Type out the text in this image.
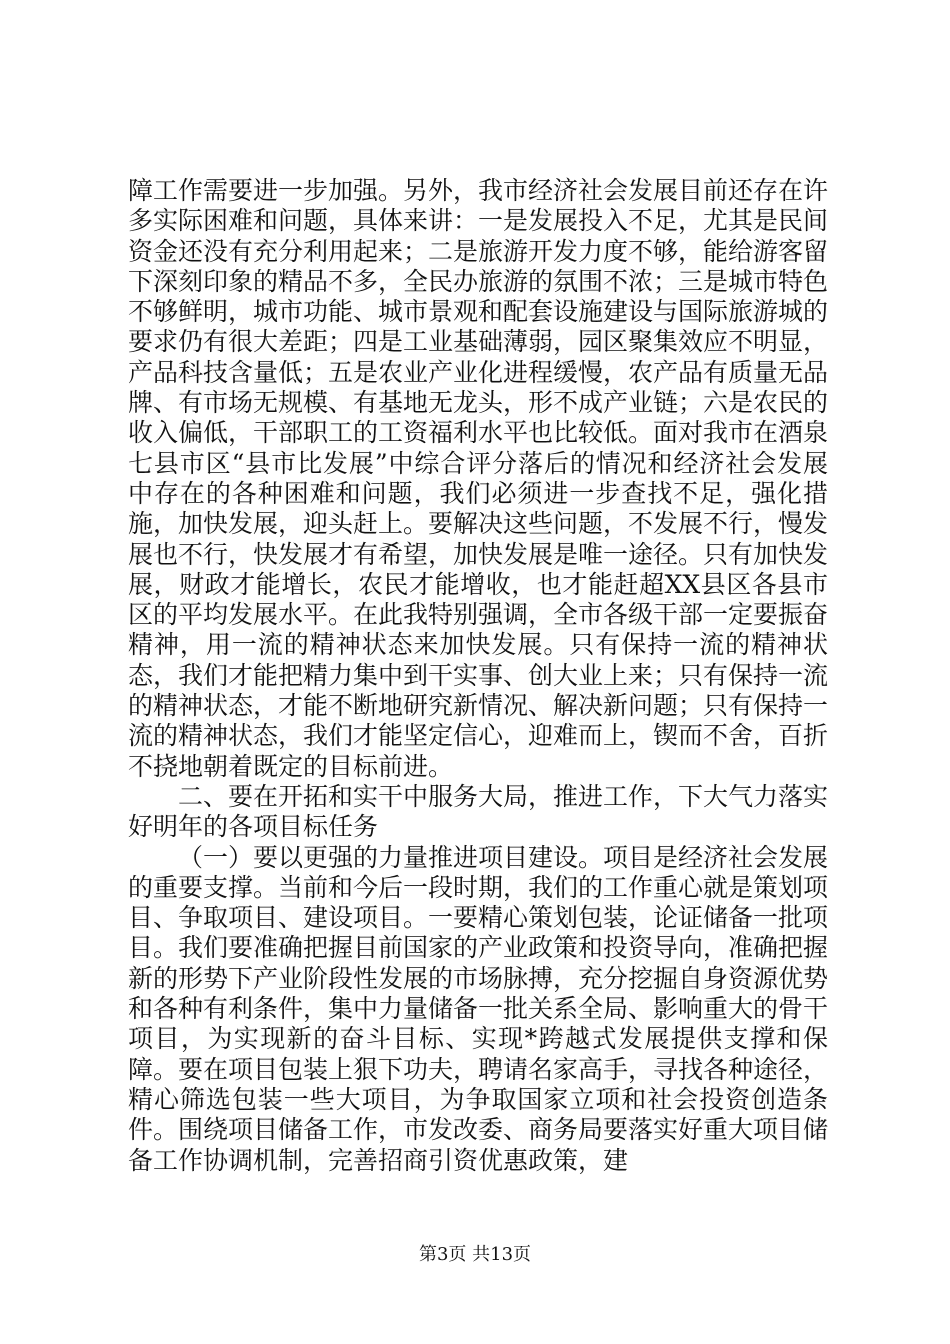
障工作需要进一步加强。另外，我市经济社会发展目前还存在许多实际困难和问题，具体来讲：一是发展投入不足，尤其是民间资金还没有充分利用起来；二是旅游开发力度不够，能给游客留下深刻印象的精品不多，全民办旅游的氛围不浓；三是城市特色不够鲜明，城市功能、城市景观和配套设施建设与国际旅游城的要求仍有很大差距；四是工业基础薄弱，园区聚集效应不明显，产品科技含量低；五是农业产业化进程缓慢，农产品有质量无品牌、有市场无规模、有基地无龙头，形不成产业链；六是农民的收入偏低，干部职工的工资福利水平也比较低。面对我市在酒泉七县市区“县市比发展”中综合评分落后的情况和经济社会发展中存在的各种困难和问题，我们必须进一步查找不足，强化措施，加快发展，迎头赶上。要解决这些问题，不发展不行，慢发展也不行，快发展才有希望，加快发展是唯一途径。只有加快发展，财政才能增长，农民才能增收，也才能赶超XX县区各县市区的平均发展水平。在此我特别强调，全市各级干部一定要振奋精神，用一流的精神状态来加快发展。只有保持一流的精神状态，我们才能把精力集中到干实事、创大业上来；只有保持一流的精神状态，才能不断地研究新情况、解决新问题；只有保持一流的精神状态，我们才能坚定信心，迎难而上，锲而不舍，百折不挠地朝着既定的目标前进。

二、要在开拓和实干中服务大局，推进工作，下大气力落实好明年的各项目标任务

（一）要以更强的力量推进项目建设。项目是经济社会发展的重要支撑。当前和今后一段时期，我们的工作重心就是策划项目、争取项目、建设项目。一要精心策划包装，论证储备一批项目。我们要准确把握目前国家的产业政策和投资导向，准确把握新的形势下产业阶段性发展的市场脉搏，充分挖掘自身资源优势和各种有利条件，集中力量储备一批关系全局、影响重大的骨干项目，为实现新的奋斗目标、实现*跨越式发展提供支撑和保障。要在项目包装上狠下功夫，聘请名家高手，寻找各种途径，精心筛选包装一些大项目，为争取国家立项和社会投资创造条件。围绕项目储备工作，市发改委、商务局要落实好重大项目储备工作协调机制，完善招商引资优惠政策，建

第3页 共13页
